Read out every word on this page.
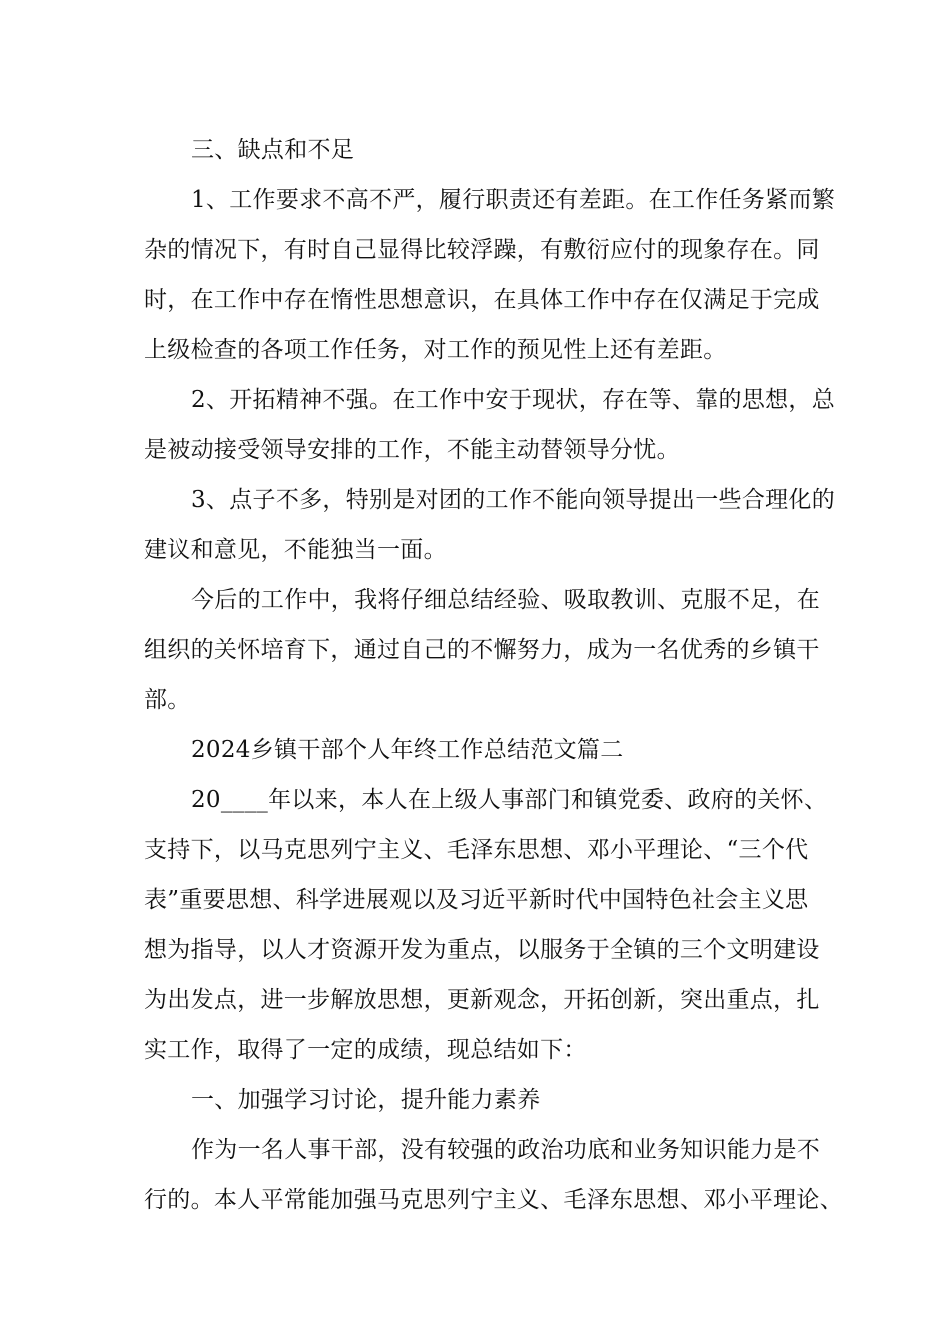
三、缺点和不足
1、工作要求不高不严，履行职责还有差距。在工作任务紧而繁
杂的情况下，有时自己显得比较浮躁，有敷衍应付的现象存在。同
时，在工作中存在惰性思想意识，在具体工作中存在仅满足于完成
上级检查的各项工作任务，对工作的预见性上还有差距。
2、开拓精神不强。在工作中安于现状，存在等、靠的思想，总
是被动接受领导安排的工作，不能主动替领导分忧。
3、点子不多，特别是对团的工作不能向领导提出一些合理化的
建议和意见，不能独当一面。
今后的工作中，我将仔细总结经验、吸取教训、克服不足，在
组织的关怀培育下，通过自己的不懈努力，成为一名优秀的乡镇干
部。
2024乡镇干部个人年终工作总结范文篇二
20____年以来，本人在上级人事部门和镇党委、政府的关怀、
支持下，以马克思列宁主义、毛泽东思想、邓小平理论、“三个代
表”重要思想、科学进展观以及习近平新时代中国特色社会主义思
想为指导，以人才资源开发为重点，以服务于全镇的三个文明建设
为出发点，进一步解放思想，更新观念，开拓创新，突出重点，扎
实工作，取得了一定的成绩，现总结如下：
一、加强学习讨论，提升能力素养
作为一名人事干部，没有较强的政治功底和业务知识能力是不
行的。本人平常能加强马克思列宁主义、毛泽东思想、邓小平理论、
